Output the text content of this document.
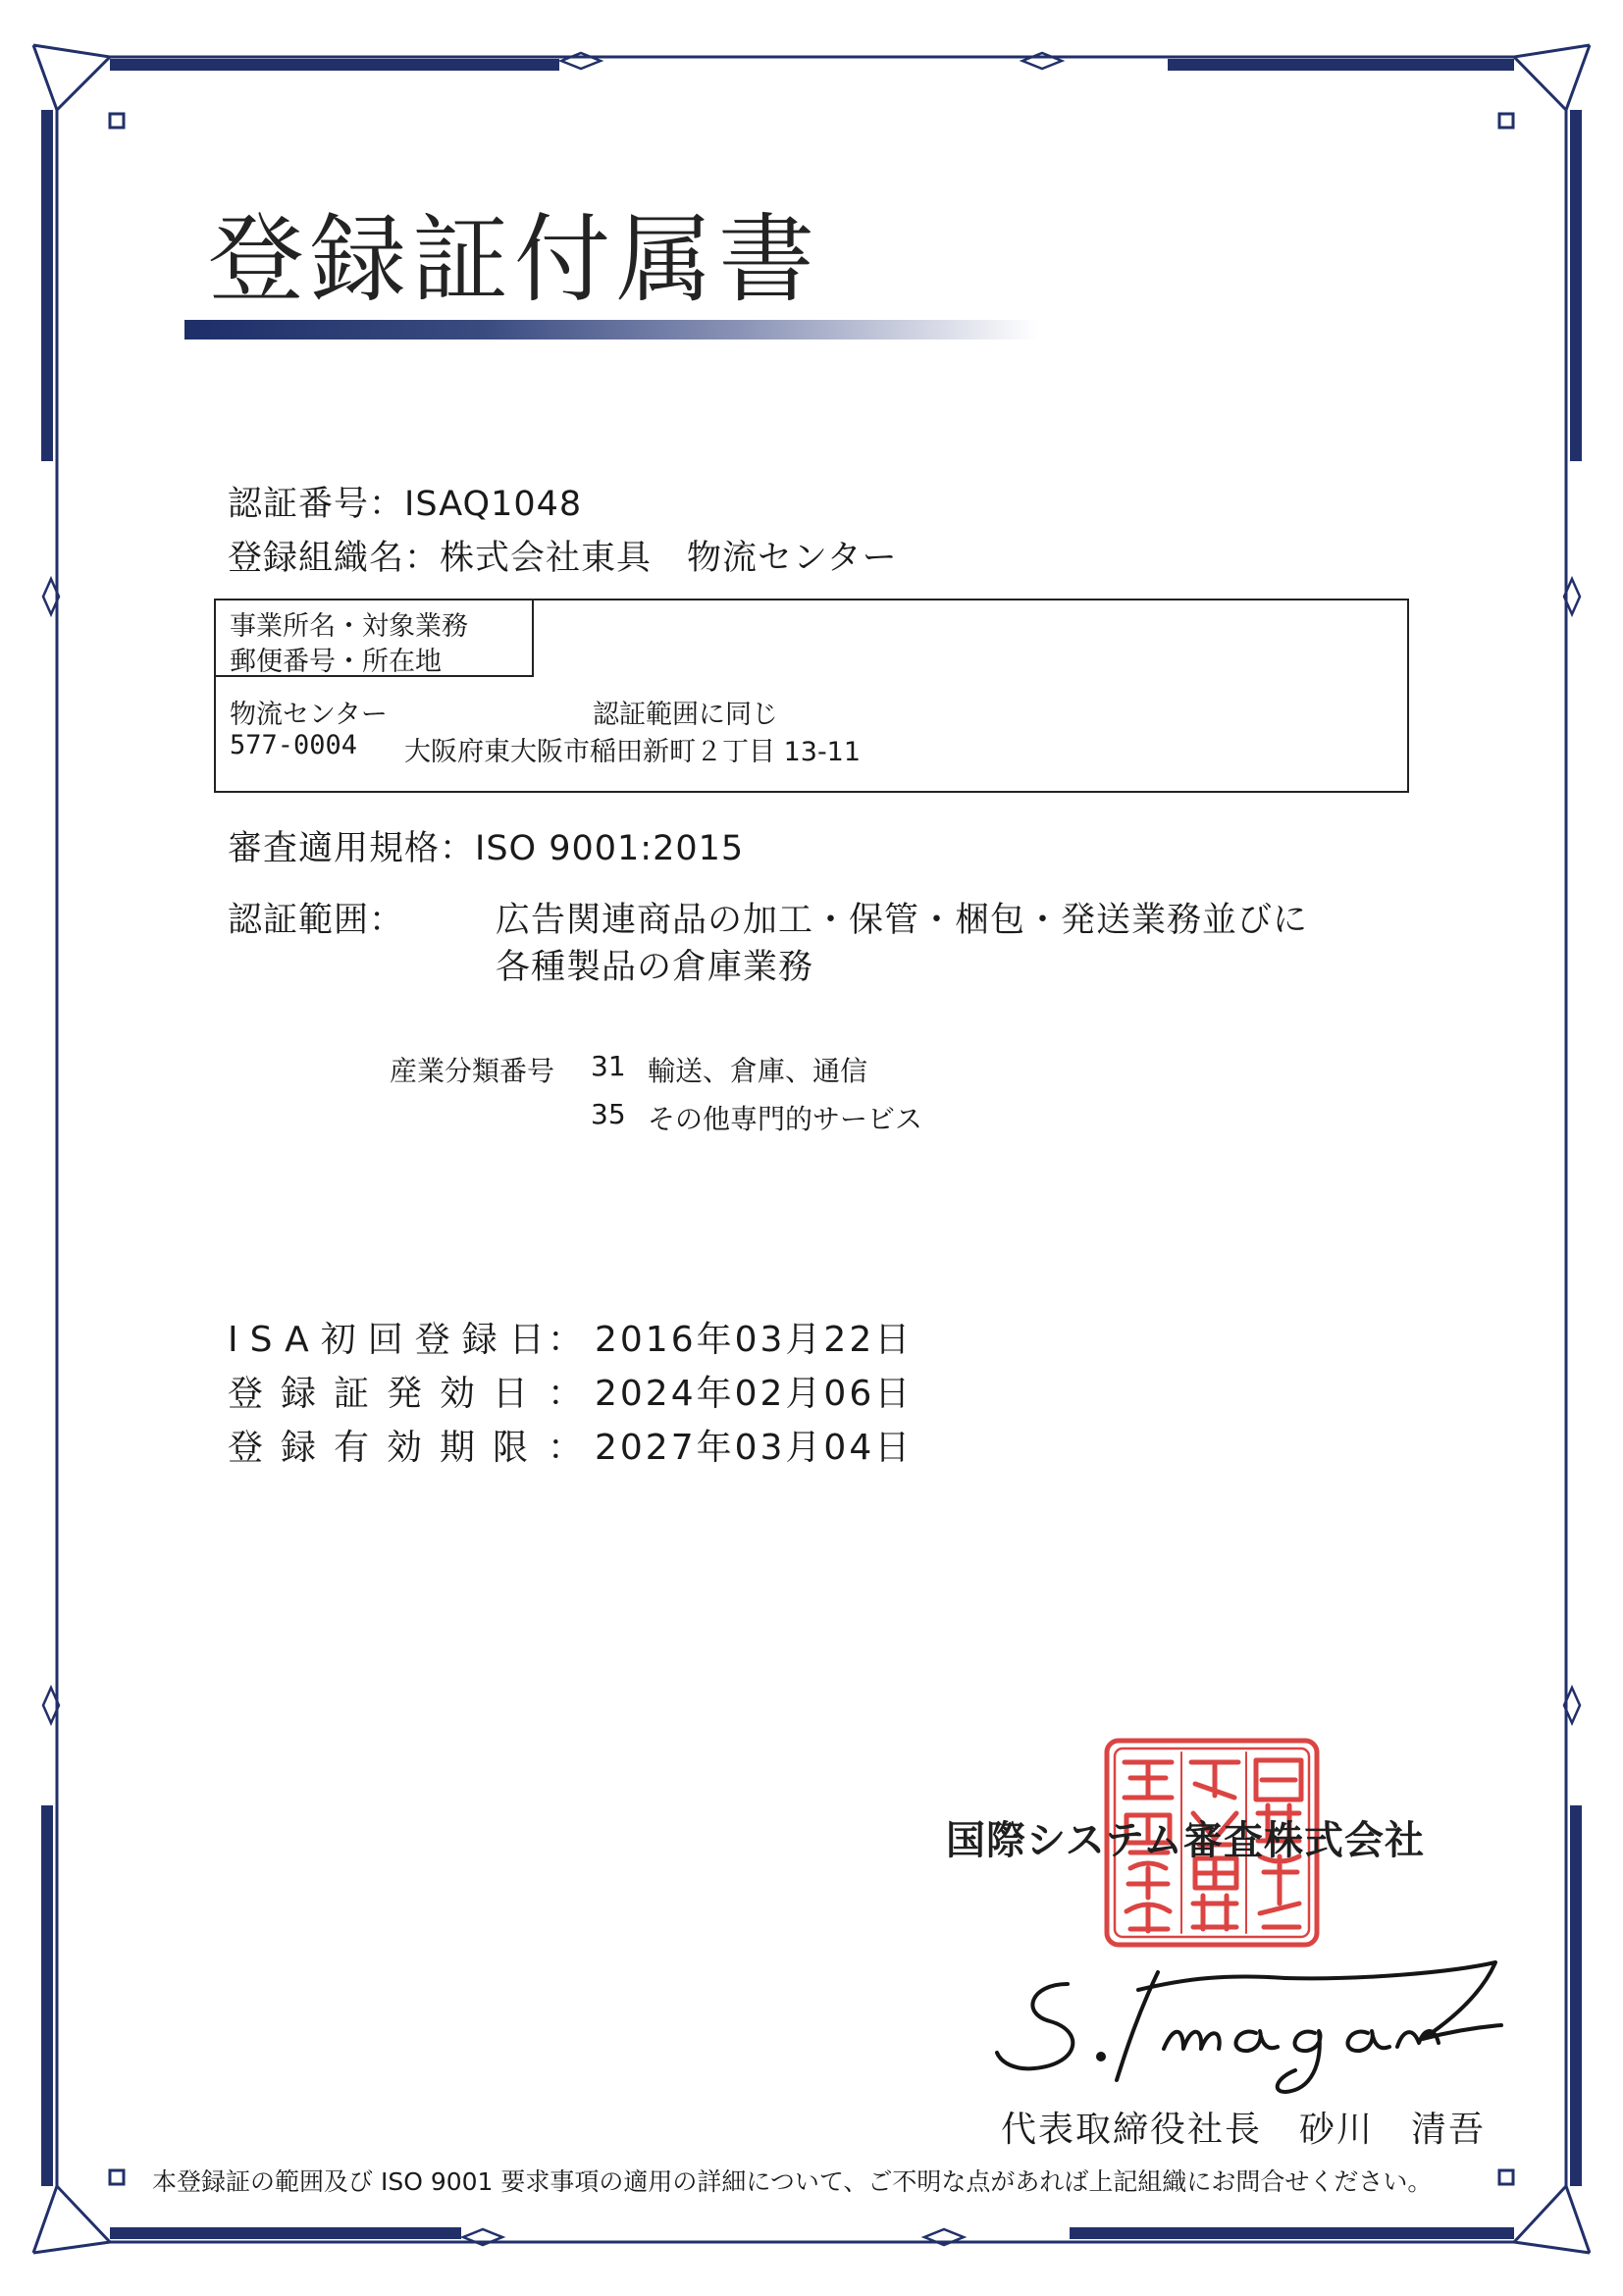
登録証付属書
認証番号：ISAQ1048
登録組織名：株式会社東具　物流センター
事業所名・対象業務
郵便番号・所在地
物流センター	認証範囲に同じ
577-0004 大阪府東大阪市稲田新町２丁目 13-11
審査適用規格：ISO 9001:2015
認証範囲：	広告関連商品の加工・保管・梱包・発送業務並びに
各種製品の倉庫業務
産業分類番号 31 輸送、倉庫、通信
35 その他専門的サービス
ISA初回登録日
： 2016年03月22日
登録証発効日 ： 2024年02月06日
登録有効期限 ： 2027年03月04日
国際システム審査株式会社
代表取締役社長　砂川　清吾
本登録証の範囲及び ISO 9001 要求事項の適用の詳細について、ご不明な点があれば上記組織にお問合せください。
